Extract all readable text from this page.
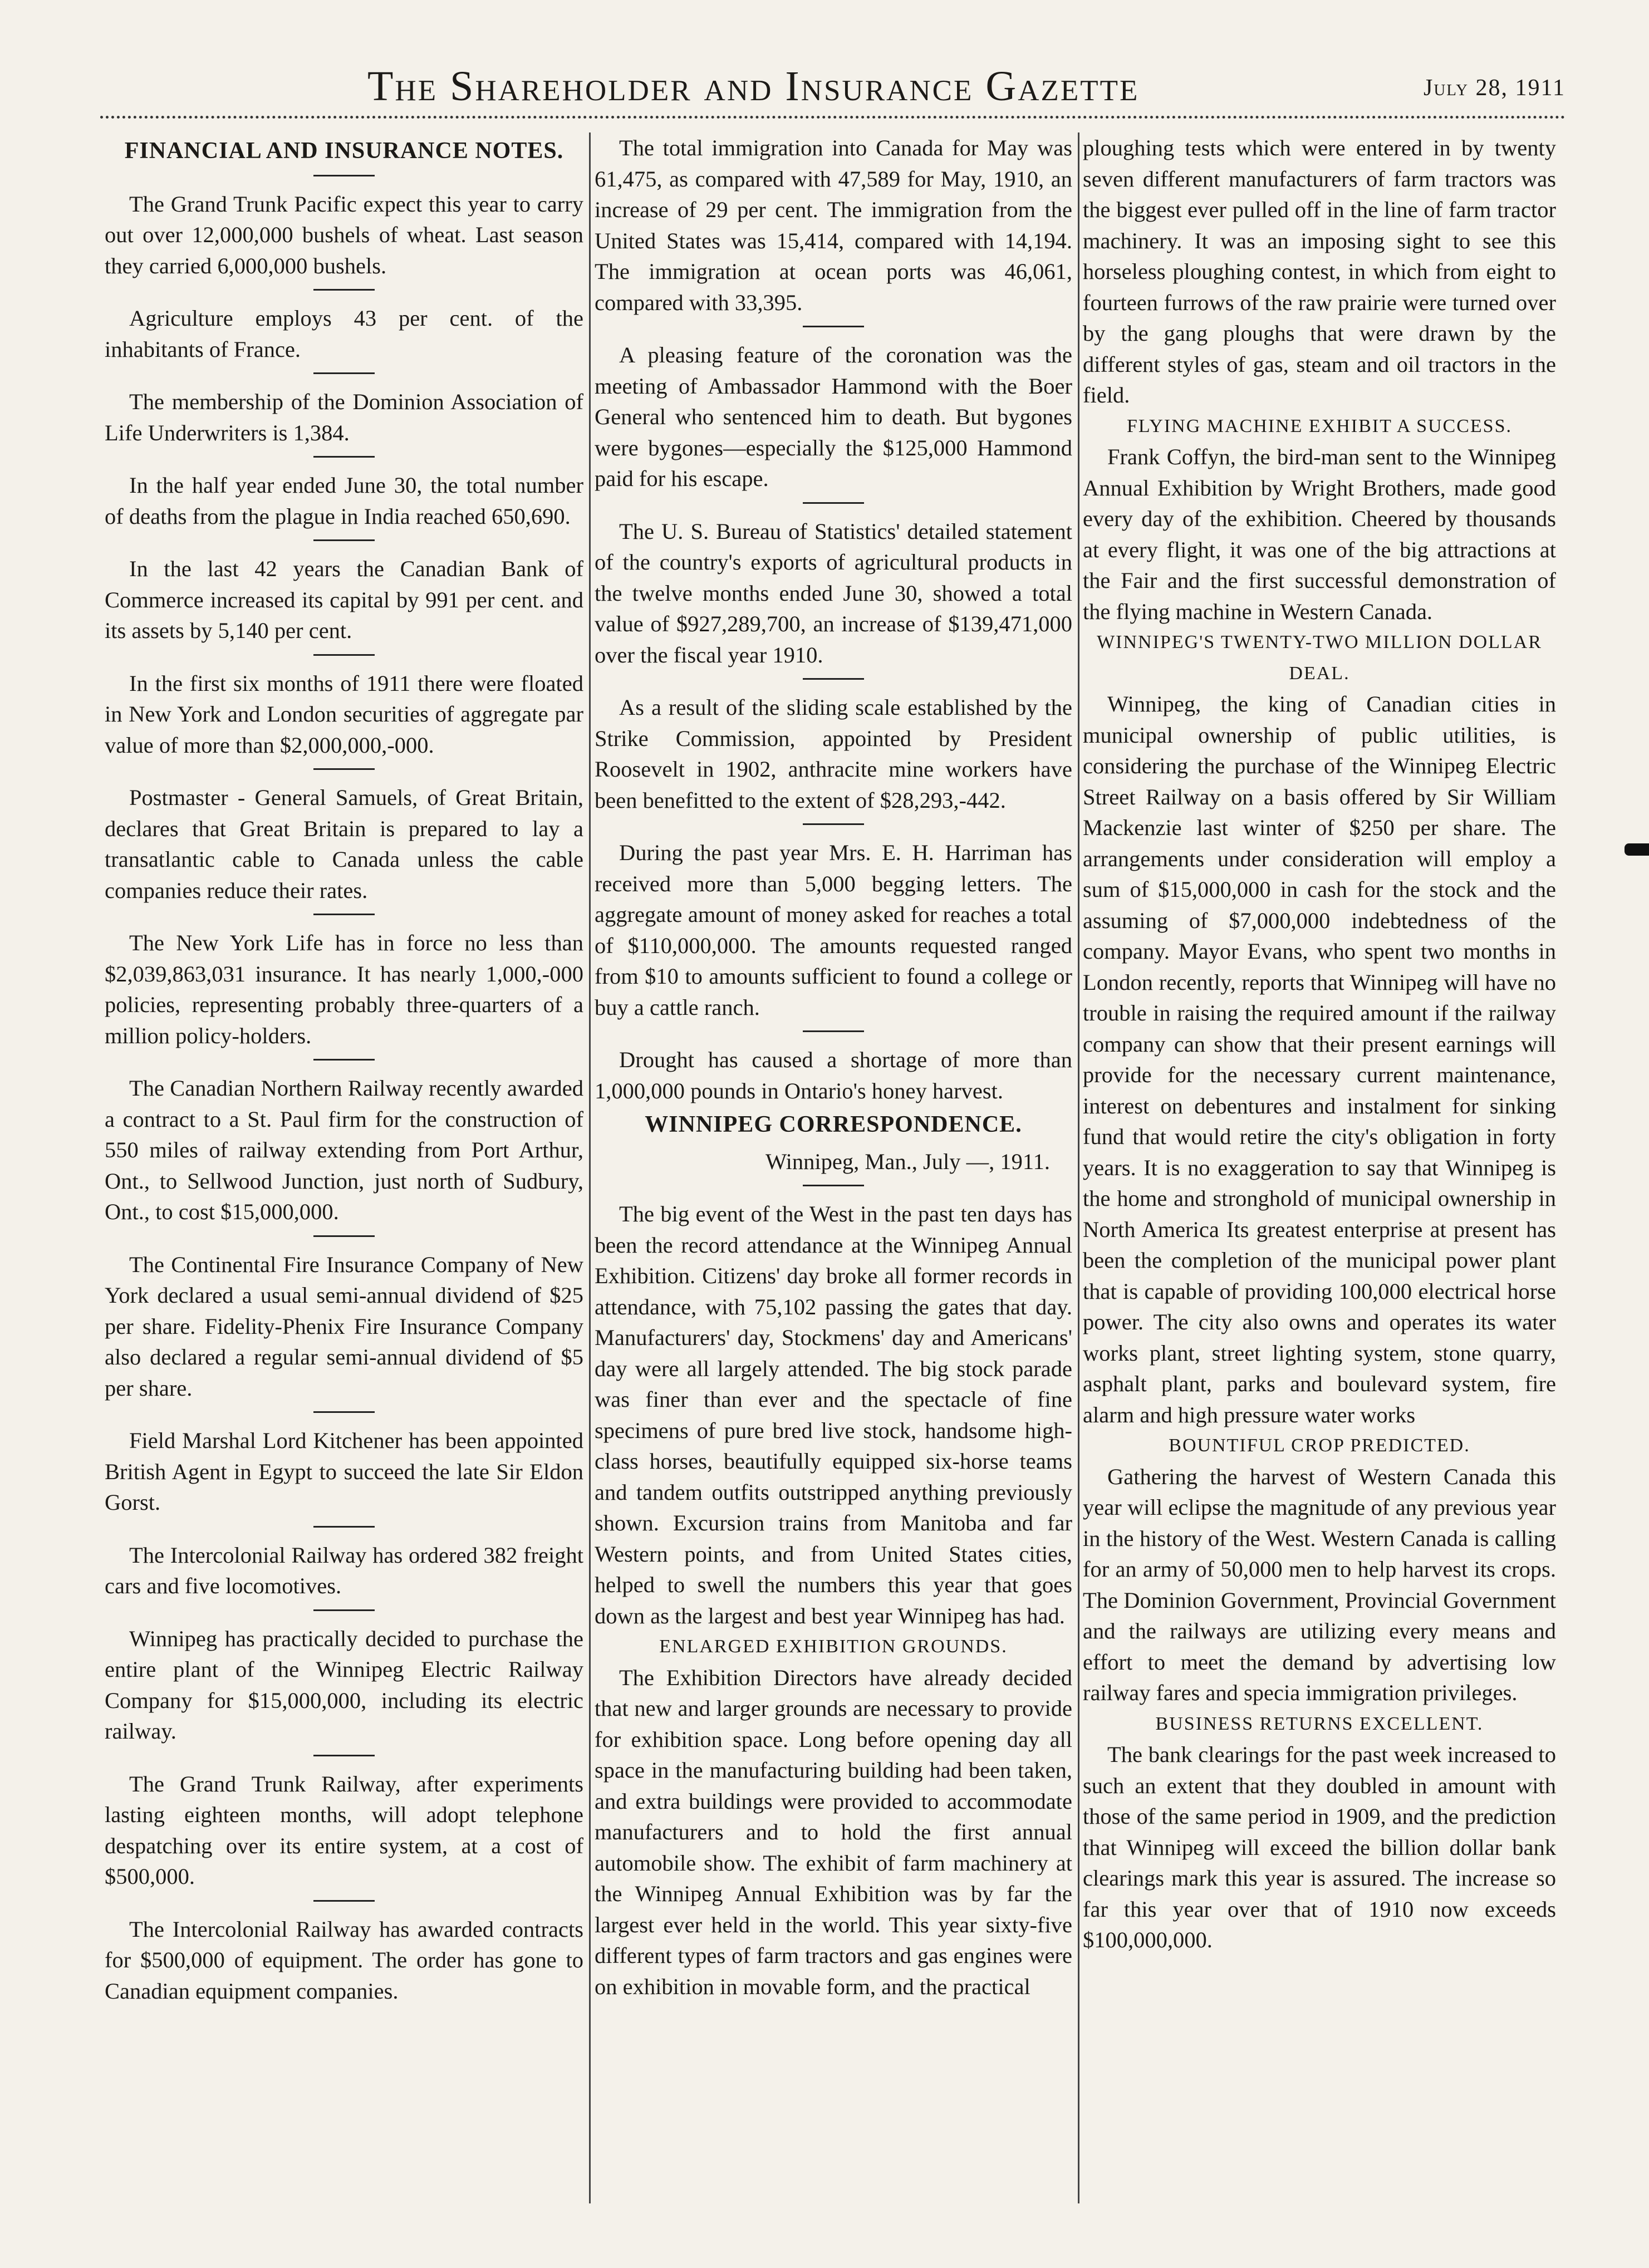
The Shareholder and Insurance Gazette	July 28, 1911
FINANCIAL AND INSURANCE NOTES.

The Grand Trunk Pacific expect this year to carry out over 12,000,000 bushels of wheat. Last season they carried 6,000,000 bushels.

Agriculture employs 43 per cent. of the inhabitants of France.

The membership of the Dominion Association of Life Underwriters is 1,384.

In the half year ended June 30, the total number of deaths from the plague in India reached 650,690.

In the last 42 years the Canadian Bank of Commerce increased its capital by 991 per cent. and its assets by 5,140 per cent.

In the first six months of 1911 there were floated in New York and London securities of aggregate par value of more than $2,000,000,-000.

Postmaster - General Samuels, of Great Britain, declares that Great Britain is prepared to lay a transatlantic cable to Canada unless the cable companies reduce their rates.

The New York Life has in force no less than $2,039,863,031 insurance. It has nearly 1,000,-000 policies, representing probably three-quarters of a million policy-holders.

The Canadian Northern Railway recently awarded a contract to a St. Paul firm for the construction of 550 miles of railway extending from Port Arthur, Ont., to Sellwood Junction, just north of Sudbury, Ont., to cost $15,000,000.

The Continental Fire Insurance Company of New York declared a usual semi-annual dividend of $25 per share. Fidelity-Phenix Fire Insurance Company also declared a regular semi-annual dividend of $5 per share.

Field Marshal Lord Kitchener has been appointed British Agent in Egypt to succeed the late Sir Eldon Gorst.

The Intercolonial Railway has ordered 382 freight cars and five locomotives.

Winnipeg has practically decided to purchase the entire plant of the Winnipeg Electric Railway Company for $15,000,000, including its electric railway.

The Grand Trunk Railway, after experiments lasting eighteen months, will adopt telephone despatching over its entire system, at a cost of $500,000.

The Intercolonial Railway has awarded contracts for $500,000 of equipment. The order has gone to Canadian equipment companies.

The total immigration into Canada for May was 61,475, as compared with 47,589 for May, 1910, an increase of 29 per cent. The immigration from the United States was 15,414, compared with 14,194. The immigration at ocean ports was 46,061, compared with 33,395.

A pleasing feature of the coronation was the meeting of Ambassador Hammond with the Boer General who sentenced him to death. But bygones were bygones—especially the $125,000 Hammond paid for his escape.

The U. S. Bureau of Statistics' detailed statement of the country's exports of agricultural products in the twelve months ended June 30, showed a total value of $927,289,700, an increase of $139,471,000 over the fiscal year 1910.

As a result of the sliding scale established by the Strike Commission, appointed by President Roosevelt in 1902, anthracite mine workers have been benefitted to the extent of $28,293,-442.

During the past year Mrs. E. H. Harriman has received more than 5,000 begging letters. The aggregate amount of money asked for reaches a total of $110,000,000. The amounts requested ranged from $10 to amounts sufficient to found a college or buy a cattle ranch.

Drought has caused a shortage of more than 1,000,000 pounds in Ontario's honey harvest.

WINNIPEG CORRESPONDENCE.

Winnipeg, Man., July —, 1911.

The big event of the West in the past ten days has been the record attendance at the Winnipeg Annual Exhibition. Citizens' day broke all former records in attendance, with 75,102 passing the gates that day. Manufacturers' day, Stockmens' day and Americans' day were all largely attended. The big stock parade was finer than ever and the spectacle of fine specimens of pure bred live stock, handsome high-class horses, beautifully equipped six-horse teams and tandem outfits outstripped anything previously shown. Excursion trains from Manitoba and far Western points, and from United States cities, helped to swell the numbers this year that goes down as the largest and best year Winnipeg has had.

ENLARGED EXHIBITION GROUNDS.

The Exhibition Directors have already decided that new and larger grounds are necessary to provide for exhibition space. Long before opening day all space in the manufacturing building had been taken, and extra buildings were provided to accommodate manufacturers and to hold the first annual automobile show. The exhibit of farm machinery at the Winnipeg Annual Exhibition was by far the largest ever held in the world. This year sixty-five different types of farm tractors and gas engines were on exhibition in movable form, and the practical

ploughing tests which were entered in by twenty seven different manufacturers of farm tractors was the biggest ever pulled off in the line of farm tractor machinery. It was an imposing sight to see this horseless ploughing contest, in which from eight to fourteen furrows of the raw prairie were turned over by the gang ploughs that were drawn by the different styles of gas, steam and oil tractors in the field.

FLYING MACHINE EXHIBIT A SUCCESS.

Frank Coffyn, the bird-man sent to the Winnipeg Annual Exhibition by Wright Brothers, made good every day of the exhibition. Cheered by thousands at every flight, it was one of the big attractions at the Fair and the first successful demonstration of the flying machine in Western Canada.

WINNIPEG'S TWENTY-TWO MILLION DOLLAR DEAL.

Winnipeg, the king of Canadian cities in municipal ownership of public utilities, is considering the purchase of the Winnipeg Electric Street Railway on a basis offered by Sir William Mackenzie last winter of $250 per share. The arrangements under consideration will employ a sum of $15,000,000 in cash for the stock and the assuming of $7,000,000 indebtedness of the company. Mayor Evans, who spent two months in London recently, reports that Winnipeg will have no trouble in raising the required amount if the railway company can show that their present earnings will provide for the necessary current maintenance, interest on debentures and instalment for sinking fund that would retire the city's obligation in forty years. It is no exaggeration to say that Winnipeg is the home and stronghold of municipal ownership in North America Its greatest enterprise at present has been the completion of the municipal power plant that is capable of providing 100,000 electrical horse power. The city also owns and operates its water works plant, street lighting system, stone quarry, asphalt plant, parks and boulevard system, fire alarm and high pressure water works

BOUNTIFUL CROP PREDICTED.

Gathering the harvest of Western Canada this year will eclipse the magnitude of any previous year in the history of the West. Western Canada is calling for an army of 50,000 men to help harvest its crops. The Dominion Government, Provincial Government and the railways are utilizing every means and effort to meet the demand by advertising low railway fares and specia immigration privileges.

BUSINESS RETURNS EXCELLENT.

The bank clearings for the past week increased to such an extent that they doubled in amount with those of the same period in 1909, and the prediction that Winnipeg will exceed the billion dollar bank clearings mark this year is assured. The increase so far this year over that of 1910 now exceeds $100,000,000.
